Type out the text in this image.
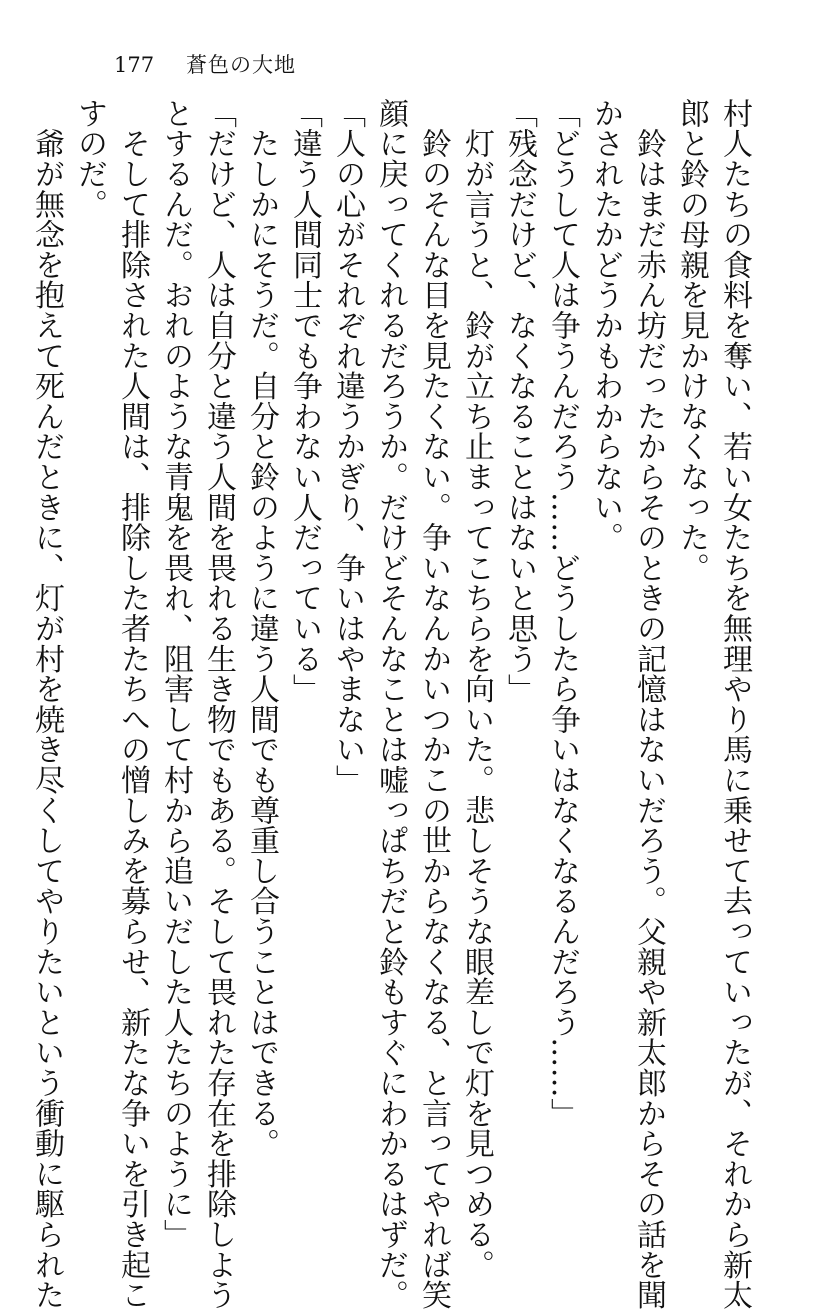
177	蒼色の大地
村人たちの食料を奪い、若い女たちを無理やり馬に乗せて去っていったが、それから新太
郎と鈴の母親を見かけなくなった。
　鈴はまだ赤ん坊だったからそのときの記憶はないだろう。父親や新太郎からその話を聞
かされたかどうかもわからない。
「どうして人は争うんだろう……どうしたら争いはなくなるんだろう……」
「残念だけど、なくなることはないと思う」
　灯が言うと、鈴が立ち止まってこちらを向いた。悲しそうな眼差しで灯を見つめる。
　鈴のそんな目を見たくない。争いなんかいつかこの世からなくなる、と言ってやれば笑
顔に戻ってくれるだろうか。だけどそんなことは嘘っぱちだと鈴もすぐにわかるはずだ。
「人の心がそれぞれ違うかぎり、争いはやまない」
「違う人間同士でも争わない人だっている」
　たしかにそうだ。自分と鈴のように違う人間でも尊重し合うことはできる。
「だけど、人は自分と違う人間を畏れる生き物でもある。そして畏れた存在を排除しよう
とするんだ。おれのような青鬼を畏れ、阻害して村から追いだした人たちのように」
　そして排除された人間は、排除した者たちへの憎しみを募らせ、新たな争いを引き起こ
すのだ。
　爺が無念を抱えて死んだときに、灯が村を焼き尽くしてやりたいという衝動に駆られた
